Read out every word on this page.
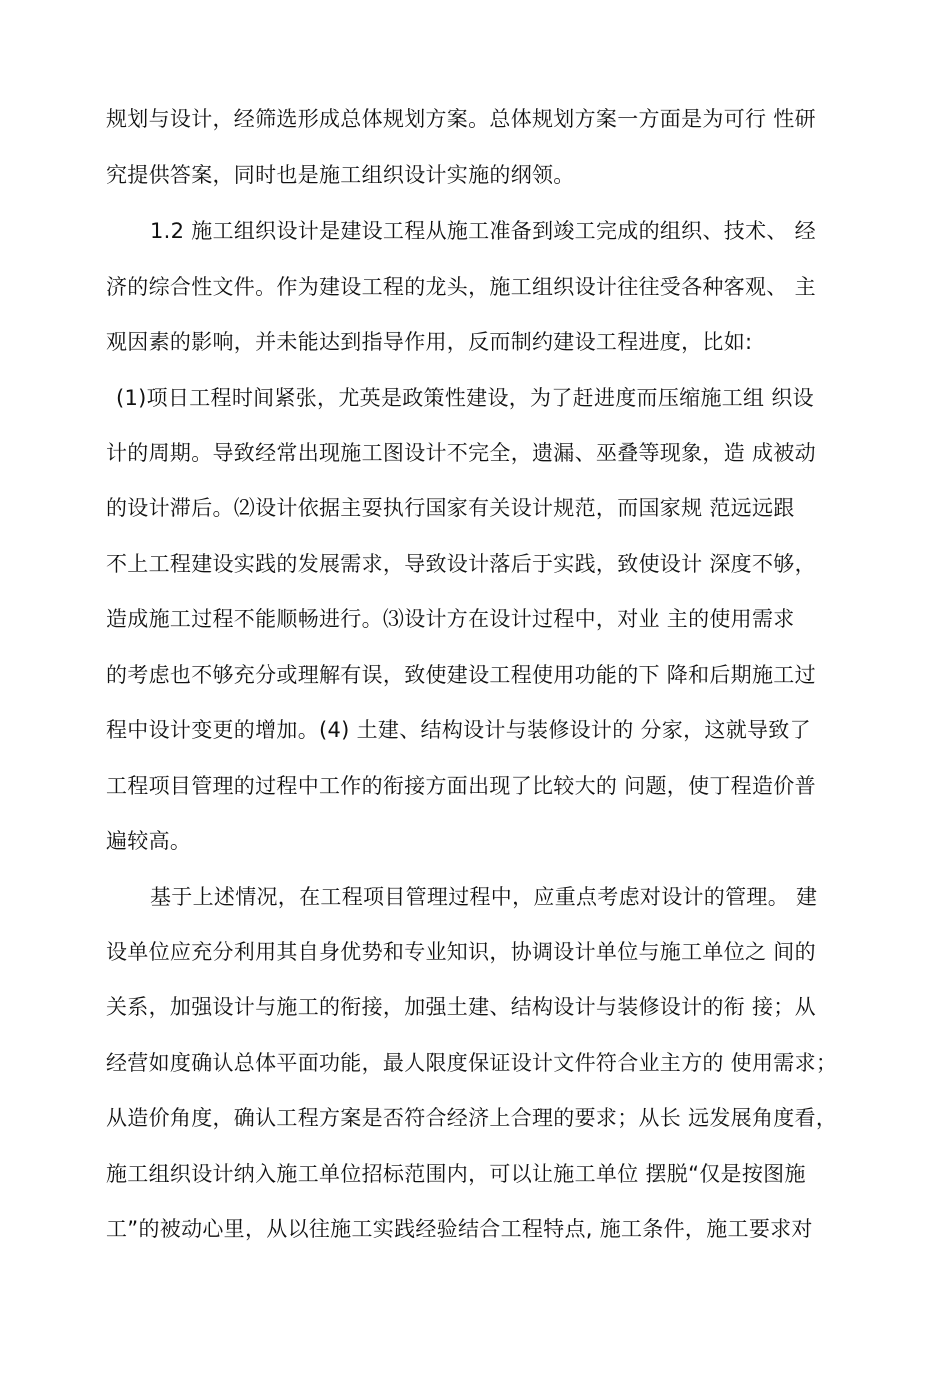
规划与设计，经筛选形成总体规划方案。总体规划方案一方面是为可行 性研
究提供答案，同时也是施工组织设计实施的纲领。
1.2 施工组织设计是建设工程从施工准备到竣工完成的组织、技术、 经
济的综合性文件。作为建设工程的龙头，施工组织设计往往受各种客观、 主
观因素的影响，并未能达到指导作用，反而制约建设工程进度，比如:
(1)项日工程时间紧张，尤英是政策性建设，为了赶进度而压缩施工组 织设
计的周期。导致经常出现施工图设计不完全，遗漏、巫叠等现象，造 成被动
的设计滞后。⑵设计依据主耍执行国家有关设计规范，而国家规 范远远跟
不上工程建设实践的发展需求，导致设计落后于实践，致使设计 深度不够，
造成施工过程不能顺畅进行。⑶设计方在设计过程中，对业 主的使用需求
的考虑也不够充分或理解有误，致使建设工程使用功能的下 降和后期施工过
程中设计变更的增加。(4) 土建、结构设计与装修设计的 分家，这就导致了
工程项目管理的过程中工作的衔接方面出现了比较大的 问题，使丁程造价普
遍较高。
基于上述情况，在工程项目管理过程中，应重点考虑对设计的管理。 建
设单位应充分利用其自身优势和专业知识，协调设计单位与施工单位之 间的
关系，加强设计与施工的衔接，加强土建、结构设计与装修设计的衔 接；从
经营如度确认总体平面功能，最人限度保证设计文件符合业主方的 使用需求；
从造价角度，确认工程方案是否符合经济上合理的要求；从长 远发展角度看，
施工组织设计纳入施工单位招标范围内，可以让施工单位 摆脱“仅是按图施
工”的被动心里，从以往施工实践经验结合工程特点, 施工条件，施工要求对
